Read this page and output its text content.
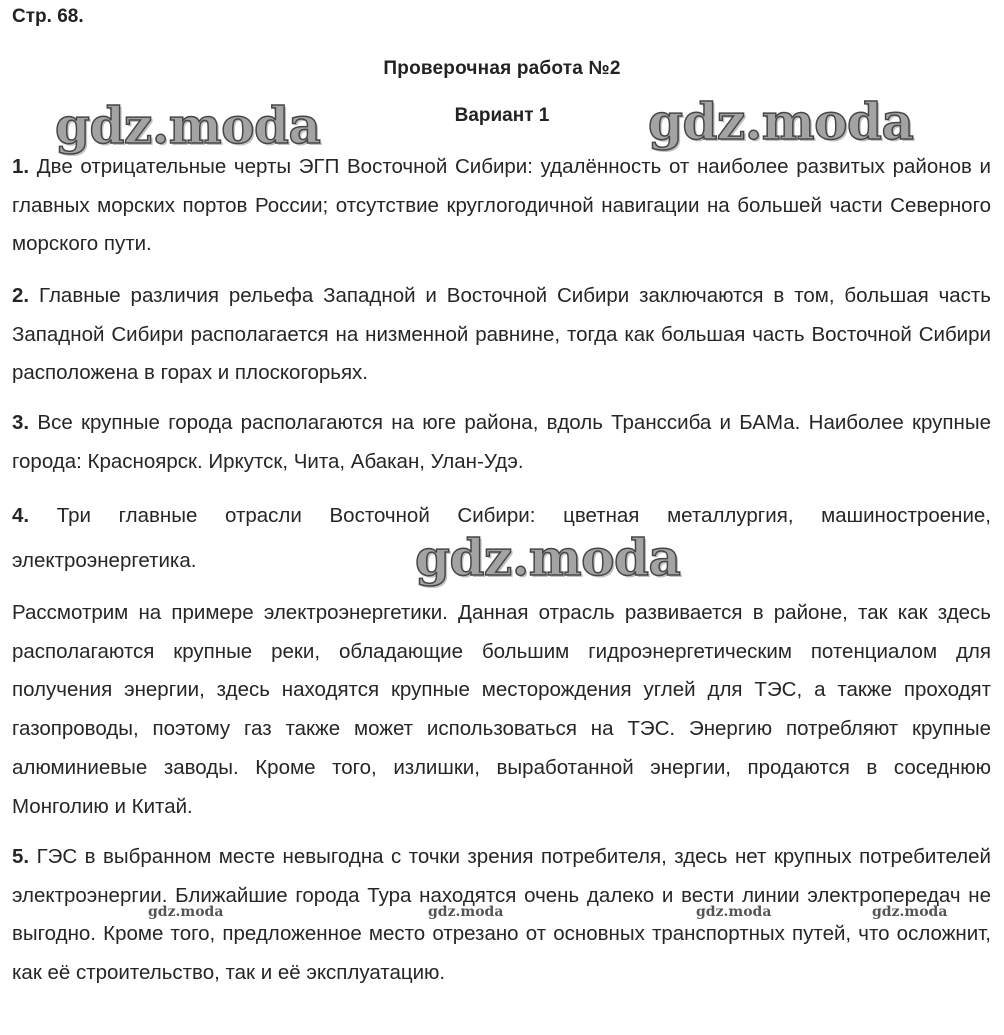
Стр. 68.
Проверочная работа №2
Вариант 1
gdz.moda	gdz.moda
gdz.moda
1. Две отрицательные черты ЭГП Восточной Сибири: удалённость от наиболее развитых районов и главных морских портов России; отсутствие круглогодичной навигации на большей части Северного морского пути.
2. Главные различия рельефа Западной и Восточной Сибири заключаются в том, большая часть Западной Сибири располагается на низменной равнине, тогда как большая часть Восточной Сибири расположена в горах и плоскогорьях.
3. Все крупные города располагаются на юге района, вдоль Транссиба и БАМа. Наиболее крупные города: Красноярск. Иркутск, Чита, Абакан, Улан-Удэ.
4. Три главные отрасли Восточной Сибири: цветная металлургия, машиностроение, электроэнергетика.
Рассмотрим на примере электроэнергетики. Данная отрасль развивается в районе, так как здесь располагаются крупные реки, обладающие большим гидроэнергетическим потенциалом для получения энергии, здесь находятся крупные месторождения углей для ТЭС, а также проходят газопроводы, поэтому газ также может использоваться на ТЭС. Энергию потребляют крупные алюминиевые заводы. Кроме того, излишки, выработанной энергии, продаются в соседнюю Монголию и Китай.
5. ГЭС в выбранном месте невыгодна с точки зрения потребителя, здесь нет крупных потребителей электроэнергии. Ближайшие города Тура находятся очень далеко и вести линии электропередач не выгодно. Кроме того, предложенное место отрезано от основных транспортных путей, что осложнит, как её строительство, так и её эксплуатацию.
gdz.moda	gdz.moda	gdz.moda	gdz.moda
